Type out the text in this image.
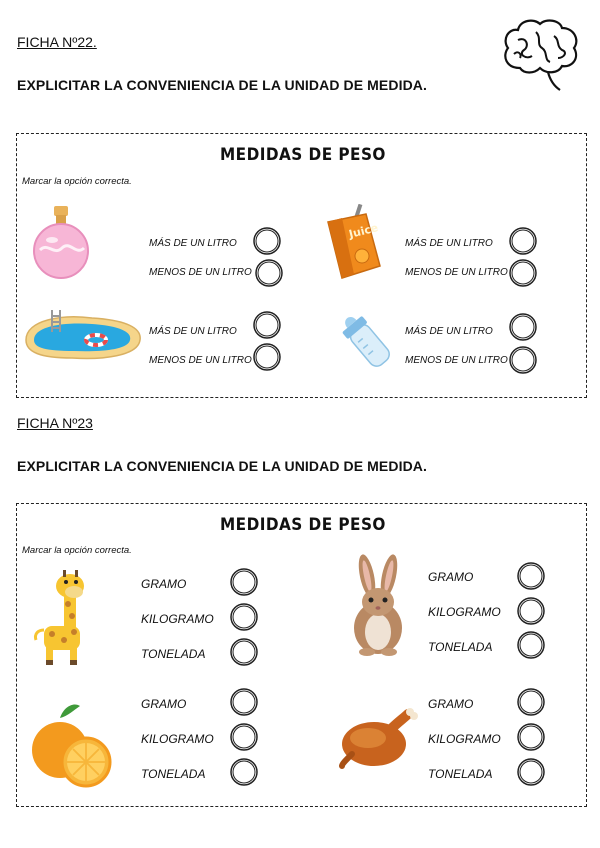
FICHA Nº22.
EXPLICITAR LA CONVENIENCIA DE LA UNIDAD DE MEDIDA.
MEDIDAS DE PESO
Marcar la opción correcta.
MÁS DE UN LITRO
MENOS DE UN LITRO
Juice
MÁS DE UN LITRO
MENOS DE UN LITRO
MÁS DE UN LITRO
MENOS DE UN LITRO
MÁS DE UN LITRO
MENOS DE UN LITRO
FICHA Nº23
EXPLICITAR LA CONVENIENCIA DE LA UNIDAD DE MEDIDA.
MEDIDAS DE PESO
Marcar la opción correcta.
GRAMO
KILOGRAMO
TONELADA
GRAMO
KILOGRAMO
TONELADA
GRAMO
KILOGRAMO
TONELADA
GRAMO
KILOGRAMO
TONELADA
